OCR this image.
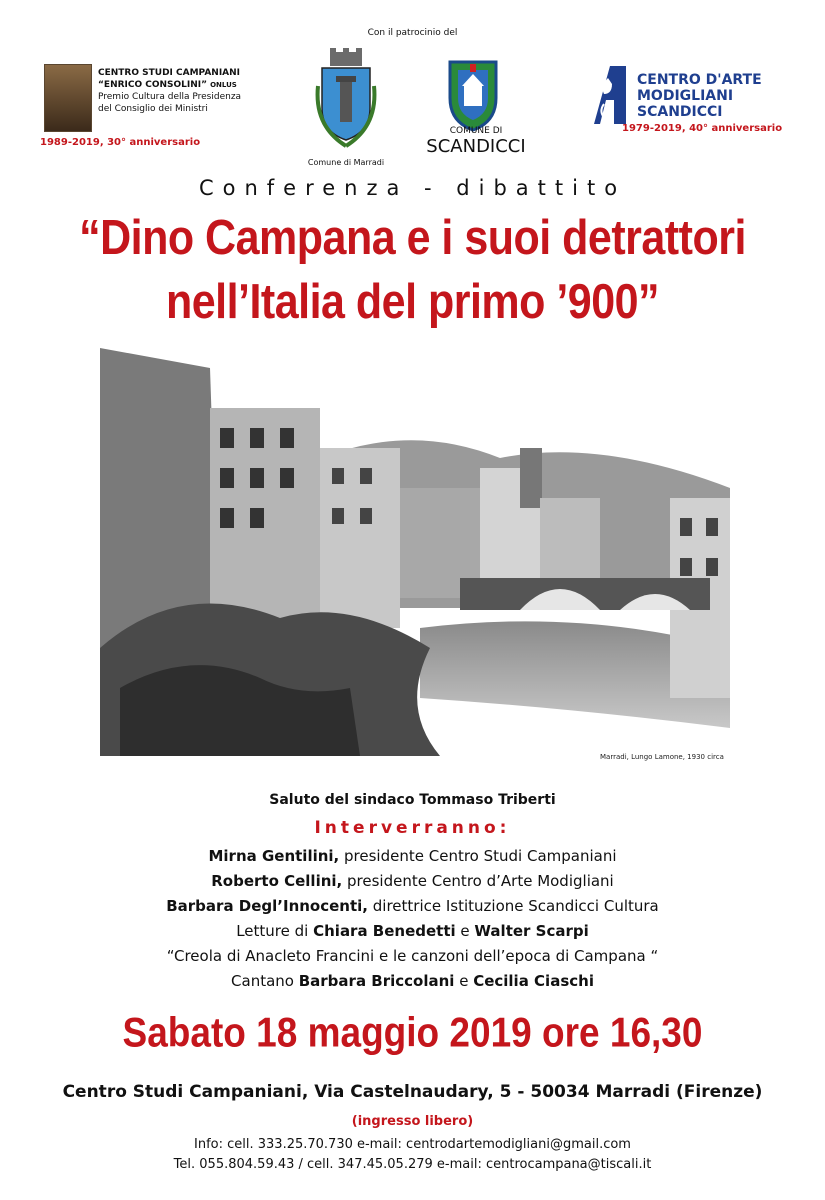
Con il patrocinio del
CENTRO STUDI CAMPANIANI
“ENRICO CONSOLINI” ONLUS
Premio Cultura della Presidenza
del Consiglio dei Ministri
1989-2019, 30° anniversario
Comune di Marradi
COMUNE DI
SCANDICCI
CENTRO D'ARTE
MODIGLIANI
SCANDICCI
1979-2019, 40° anniversario
Conferenza - dibattito
“Dino Campana e i suoi detrattori
nell’Italia del primo ’900”
Marradi, Lungo Lamone, 1930 circa
Saluto del sindaco Tommaso Triberti
Interverranno:
Mirna Gentilini, presidente Centro Studi Campaniani
Roberto Cellini, presidente Centro d’Arte Modigliani
Barbara Degl’Innocenti, direttrice Istituzione Scandicci Cultura
Letture di Chiara Benedetti e Walter Scarpi
“Creola di Anacleto Francini e le canzoni dell’epoca di Campana “
Cantano Barbara Briccolani e Cecilia Ciaschi
Sabato 18 maggio 2019 ore 16,30
Centro Studi Campaniani, Via Castelnaudary, 5 - 50034 Marradi (Firenze)
(ingresso libero)
Info: cell. 333.25.70.730 e-mail: centrodartemodigliani@gmail.com
Tel. 055.804.59.43 / cell. 347.45.05.279 e-mail: centrocampana@tiscali.it
